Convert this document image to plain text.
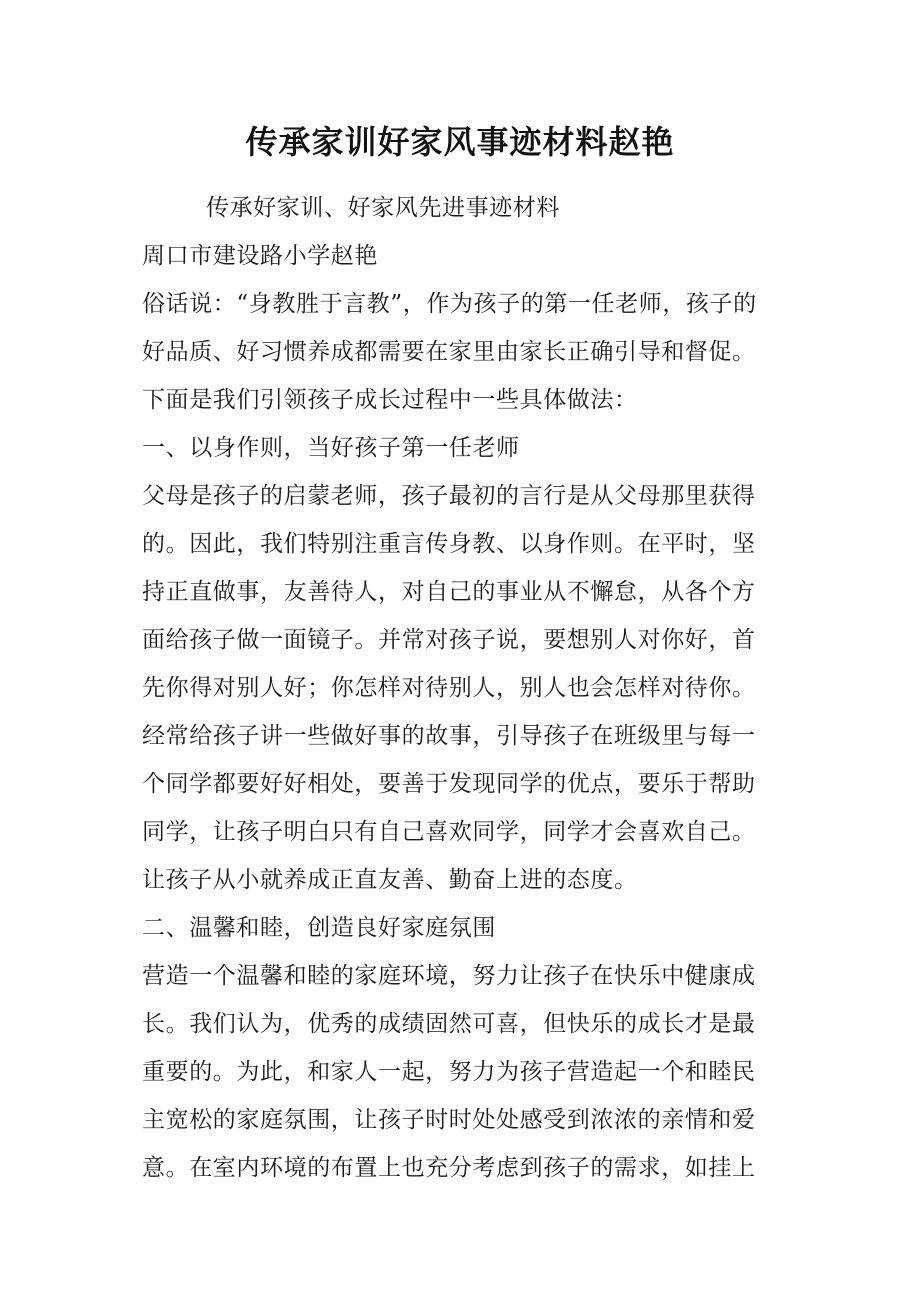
传承家训好家风事迹材料赵艳
传承好家训、好家风先进事迹材料
周口市建设路小学赵艳
俗话说：“身教胜于言教”，作为孩子的第一任老师，孩子的
好品质、好习惯养成都需要在家里由家长正确引导和督促。
下面是我们引领孩子成长过程中一些具体做法：
一、以身作则，当好孩子第一任老师
父母是孩子的启蒙老师，孩子最初的言行是从父母那里获得
的。因此，我们特别注重言传身教、以身作则。在平时，坚
持正直做事，友善待人，对自己的事业从不懈怠，从各个方
面给孩子做一面镜子。并常对孩子说，要想别人对你好，首
先你得对别人好；你怎样对待别人，别人也会怎样对待你。
经常给孩子讲一些做好事的故事，引导孩子在班级里与每一
个同学都要好好相处，要善于发现同学的优点，要乐于帮助
同学，让孩子明白只有自己喜欢同学，同学才会喜欢自己。
让孩子从小就养成正直友善、勤奋上进的态度。
二、温馨和睦，创造良好家庭氛围
营造一个温馨和睦的家庭环境，努力让孩子在快乐中健康成
长。我们认为，优秀的成绩固然可喜，但快乐的成长才是最
重要的。为此，和家人一起，努力为孩子营造起一个和睦民
主宽松的家庭氛围，让孩子时时处处感受到浓浓的亲情和爱
意。在室内环境的布置上也充分考虑到孩子的需求，如挂上
